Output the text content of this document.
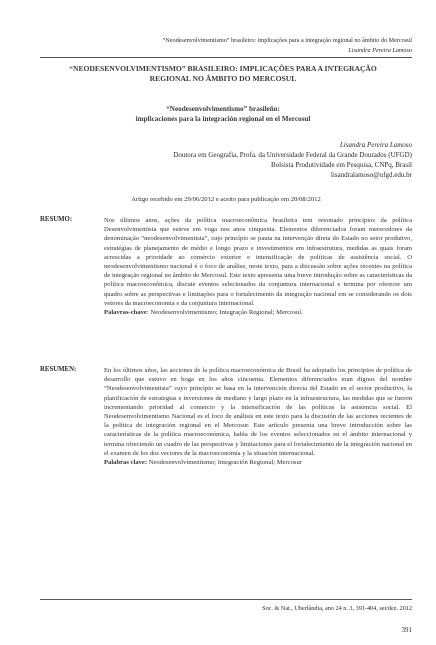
“Neodesenvolvimentismo” brasileiro: implicações para a integração regional no âmbito do Mercosul
Lisandra Pereira Lamoso
“NEODESENVOLVIMENTISMO” BRASILEIRO: IMPLICAÇÕES PARA A INTEGRAÇÃO
REGIONAL NO ÂMBITO DO MERCOSUL
“Neodesenvolvimentismo” brasileño:
implicaciones para la integración regional en el Mercosul
Lisandra Pereira Lamoso
Doutora em Geografia, Profa. da Universidade Federal da Grande Dourados (UFGD)
Bolsista Produtividade em Pesquisa, CNPq, Brasil
lisandralamoso@ufgd.edu.br
Artigo recebido em 29/06/2012 e aceito para publicação em 20/08/2012
RESUMO:	Nos últimos anos, ações da política macroeconômica brasileira tem retomado princípios da política Desenvolvimentista que esteve em voga nos anos cinquenta. Elementos diferenciados foram merecedores da denominação “neodesenvolvimentista”, cujo princípio se pauta na intervenção direta do Estado no setor produtivo, estratégias de planejamento de médio e longo prazo e investimentos em infraestrutura, medidas as quais foram acrescidas a prioridade ao comércio exterior e intensificação de políticas de assistência social. O neodesenvolvimentismo nacional é o foco de análise, neste texto, para a discussão sobre ações recentes na política de integração regional no âmbito do Mercosul. Este texto apresenta uma breve introdução sobre as características da política macroeconômica, discute eventos selecionados da conjuntura internacional e termina por oferecer um quadro sobre as perspectivas e limitações para o fortalecimento da integração nacional em se considerando os dois vetores da macroeconomia e da conjuntura internacional.
Palavras-chave: Neodesenvolvimentismo; Integração Regional; Mercosul.
RESUMEN:	En los últimos años, las acciones de la política macroeconómica de Brasil ha adoptado los principios de política de desarrollo que estuvo en boga en los años cincuenta. Elementos diferenciados eran dignos del nombre “Neodesenvolvimentista” cuyo principio se basa en la intervención directa del Estado en el sector productivo, la planificación de estrategias e inversiones de mediano y largo plazo en la infraestructura, las medidas que se fueron incrementando prioridad al comercio y la intensificación de las políticas la asistencia social. El Neodesenvolvimentismo Nacional es el foco de análisis en este texto para la discusión de las acciones recientes de la política de integración regional en el Mercosur. Este artículo presenta una breve introducción sobre las características de la política macroeconómica, habla de los eventos seleccionados en el ámbito internacional y termina ofreciendo un cuadro de las perspectivas y limitaciones para el fortalecimiento de la integración nacional en el examen de los dos vectores de la macroeconomía y la situación internacional.
Palabras clave: Neodesenvolvimentismo; Integración Regional; Mercosur
Soc. & Nat., Uberlândia, ano 24 n. 3, 391-404, set/dez. 2012
391
